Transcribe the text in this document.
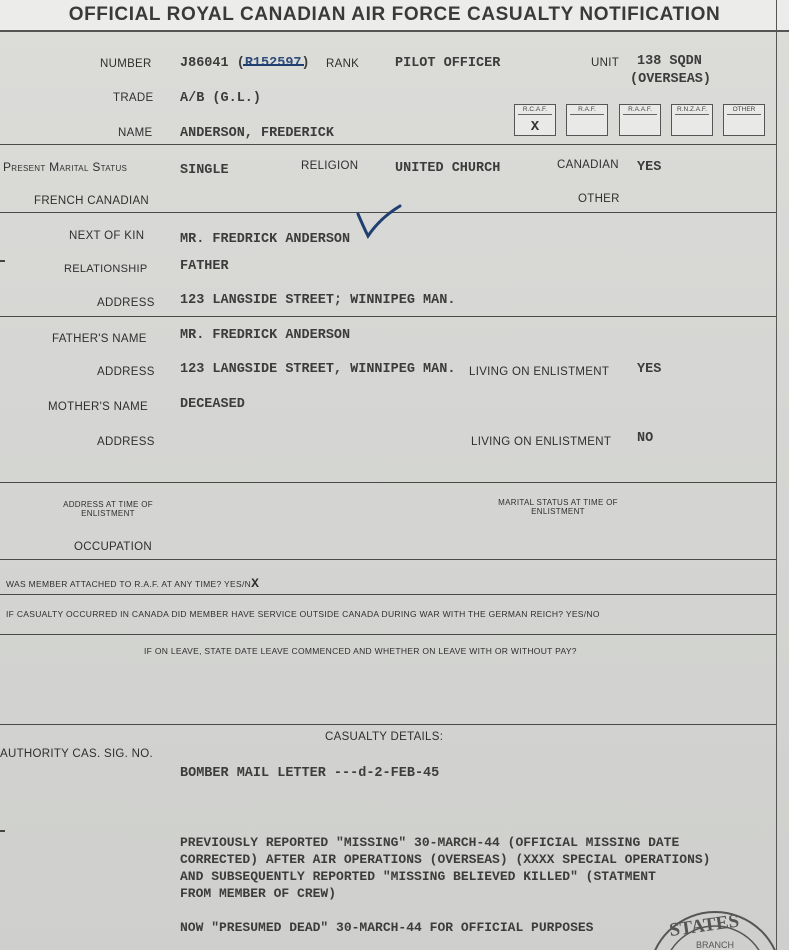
OFFICIAL ROYAL CANADIAN AIR FORCE CASUALTY NOTIFICATION
NUMBER J86041 (R152597) RANK	PILOT OFFICER	UNIT 138 SQDN
(OVERSEAS)
TRADE A/B (G.L.)
NAME ANDERSON, FREDERICK
R.C.A.F.
X
R.A.F.	R.A.A.F.	R.N.Z.A.F.	OTHER
Present Marital Status	SINGLE	RELIGION	UNITED CHURCH	CANADIAN YES
FRENCH CANADIAN	OTHER
NEXT OF KIN	MR. FREDRICK ANDERSON
RELATIONSHIP FATHER
ADDRESS 123 LANGSIDE STREET; WINNIPEG MAN.
FATHER'S NAME MR. FREDRICK ANDERSON
ADDRESS 123 LANGSIDE STREET, WINNIPEG MAN. LIVING ON ENLISTMENT YES
MOTHER'S NAME DECEASED
ADDRESS	LIVING ON ENLISTMENT NO
ADDRESS AT TIME OF ENLISTMENT
MARITAL STATUS AT TIME OF ENLISTMENT
OCCUPATION
WAS MEMBER ATTACHED TO R.A.F. AT ANY TIME? YES/NX
IF CASUALTY OCCURRED IN CANADA DID MEMBER HAVE SERVICE OUTSIDE CANADA DURING WAR WITH THE GERMAN REICH? YES/NO
IF ON LEAVE, STATE DATE LEAVE COMMENCED AND WHETHER ON LEAVE WITH OR WITHOUT PAY?
CASUALTY DETAILS:
AUTHORITY CAS. SIG. NO.
BOMBER MAIL LETTER ---d-2-FEB-45
PREVIOUSLY REPORTED "MISSING" 30-MARCH-44 (OFFICIAL MISSING DATE
CORRECTED) AFTER AIR OPERATIONS (OVERSEAS) (XXXX SPECIAL OPERATIONS)
AND SUBSEQUENTLY REPORTED "MISSING BELIEVED KILLED" (STATMENT
FROM MEMBER OF CREW)
NOW "PRESUMED DEAD" 30-MARCH-44 FOR OFFICIAL PURPOSES	STATES
BRANCH
